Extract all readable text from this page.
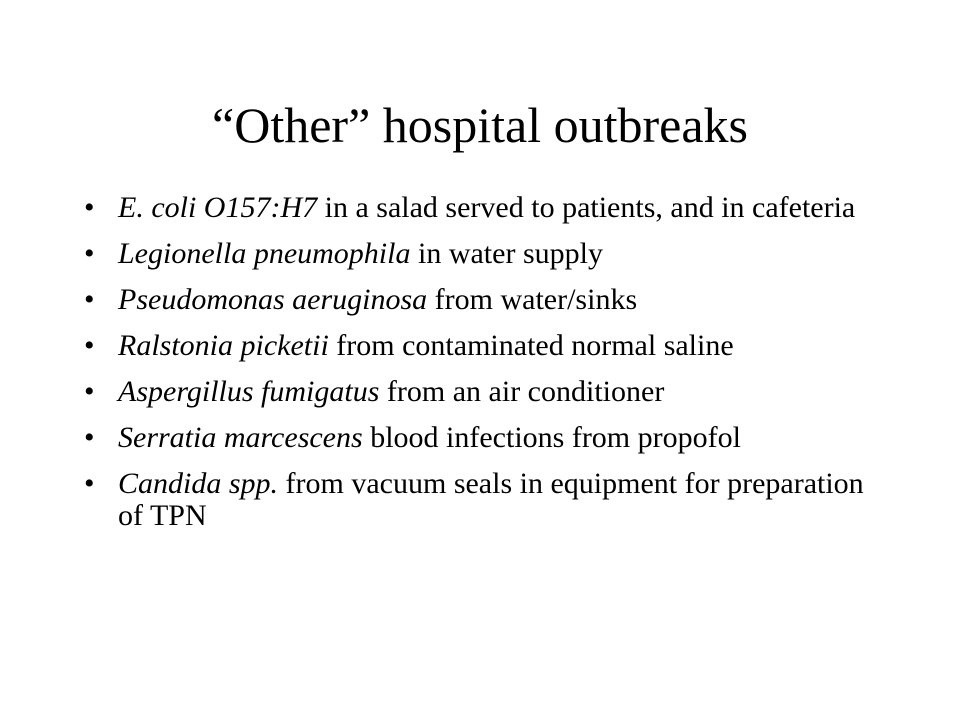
“Other” hospital outbreaks
• E. coli O157:H7 in a salad served to patients, and in cafeteria
• Legionella pneumophila in water supply
• Pseudomonas aeruginosa from water/sinks
• Ralstonia picketii from contaminated normal saline
• Aspergillus fumigatus from an air conditioner
• Serratia marcescens blood infections from propofol
• Candida spp. from vacuum seals in equipment for preparation of TPN
